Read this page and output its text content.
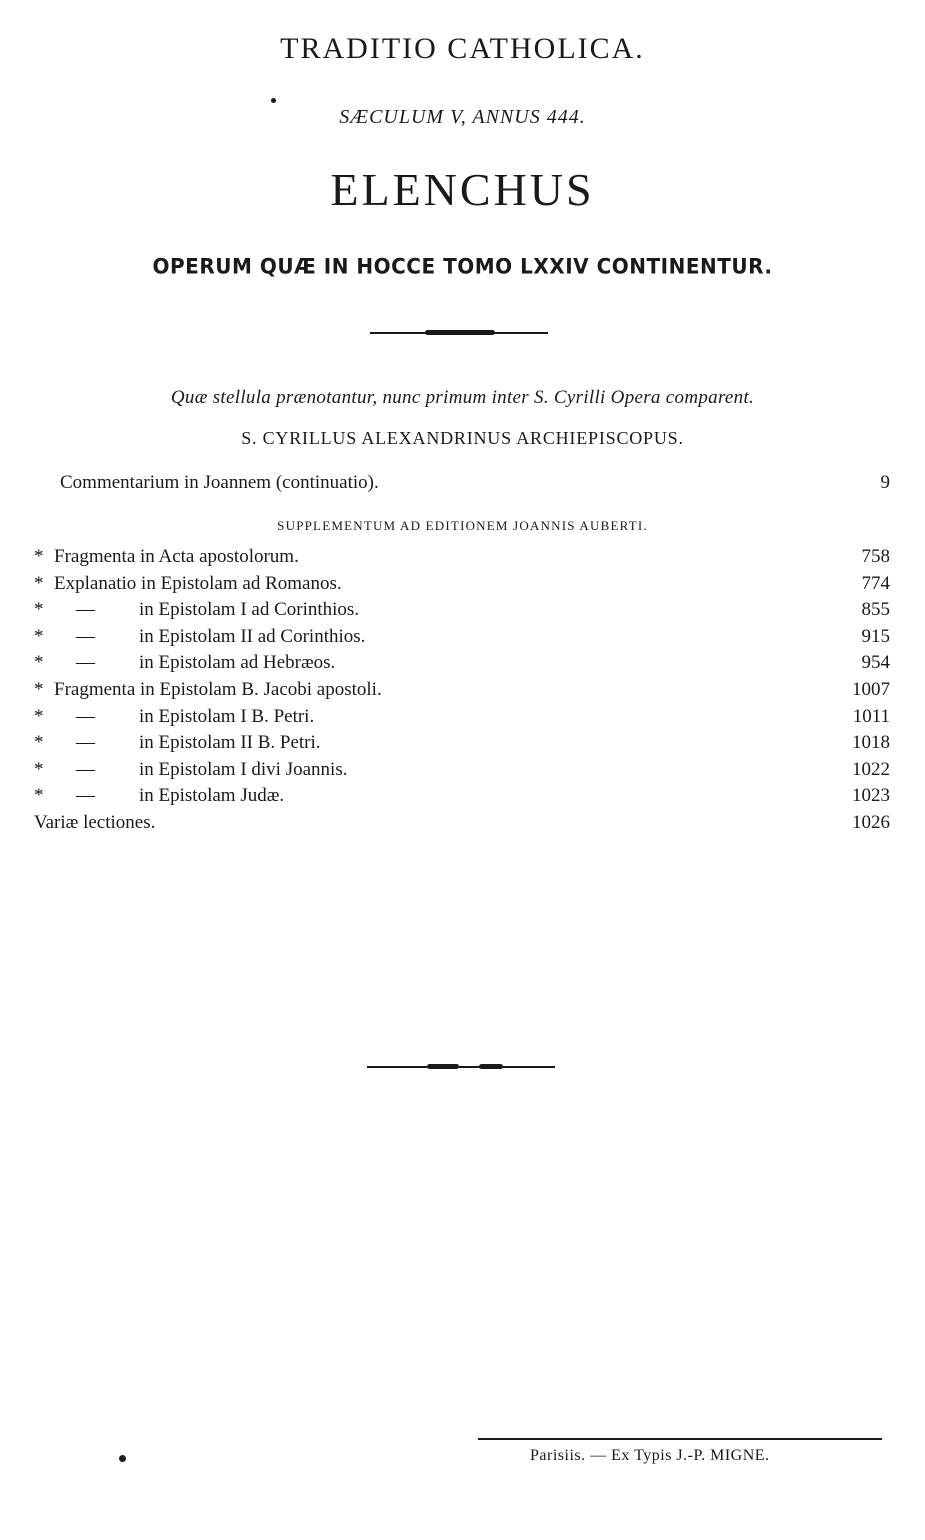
TRADITIO CATHOLICA.
SÆCULUM V, ANNUS 444.
ELENCHUS
OPERUM QUÆ IN HOCCE TOMO LXXIV CONTINENTUR.
Quæ stellula prænotantur, nunc primum inter S. Cyrilli Opera comparent.
S. CYRILLUS ALEXANDRINUS ARCHIEPISCOPUS.
Commentarium in Joannem (continuatio).	9
SUPPLEMENTUM AD EDITIONEM JOANNIS AUBERTI.
* Fragmenta in Acta apostolorum.	758
* Explanatio in Epistolam ad Romanos.	774
*	— in Epistolam I ad Corinthios.	855
*	— in Epistolam II ad Corinthios.	915
*	— in Epistolam ad Hebræos.	954
* Fragmenta in Epistolam B. Jacobi apostoli.	1007
*	— in Epistolam I B. Petri.	1011
*	— in Epistolam II B. Petri.	1018
*	— in Epistolam I divi Joannis.	1022
*	— in Epistolam Judæ.	1023
Variæ lectiones.	1026
Parisiis. — Ex Typis J.-P. MIGNE.
